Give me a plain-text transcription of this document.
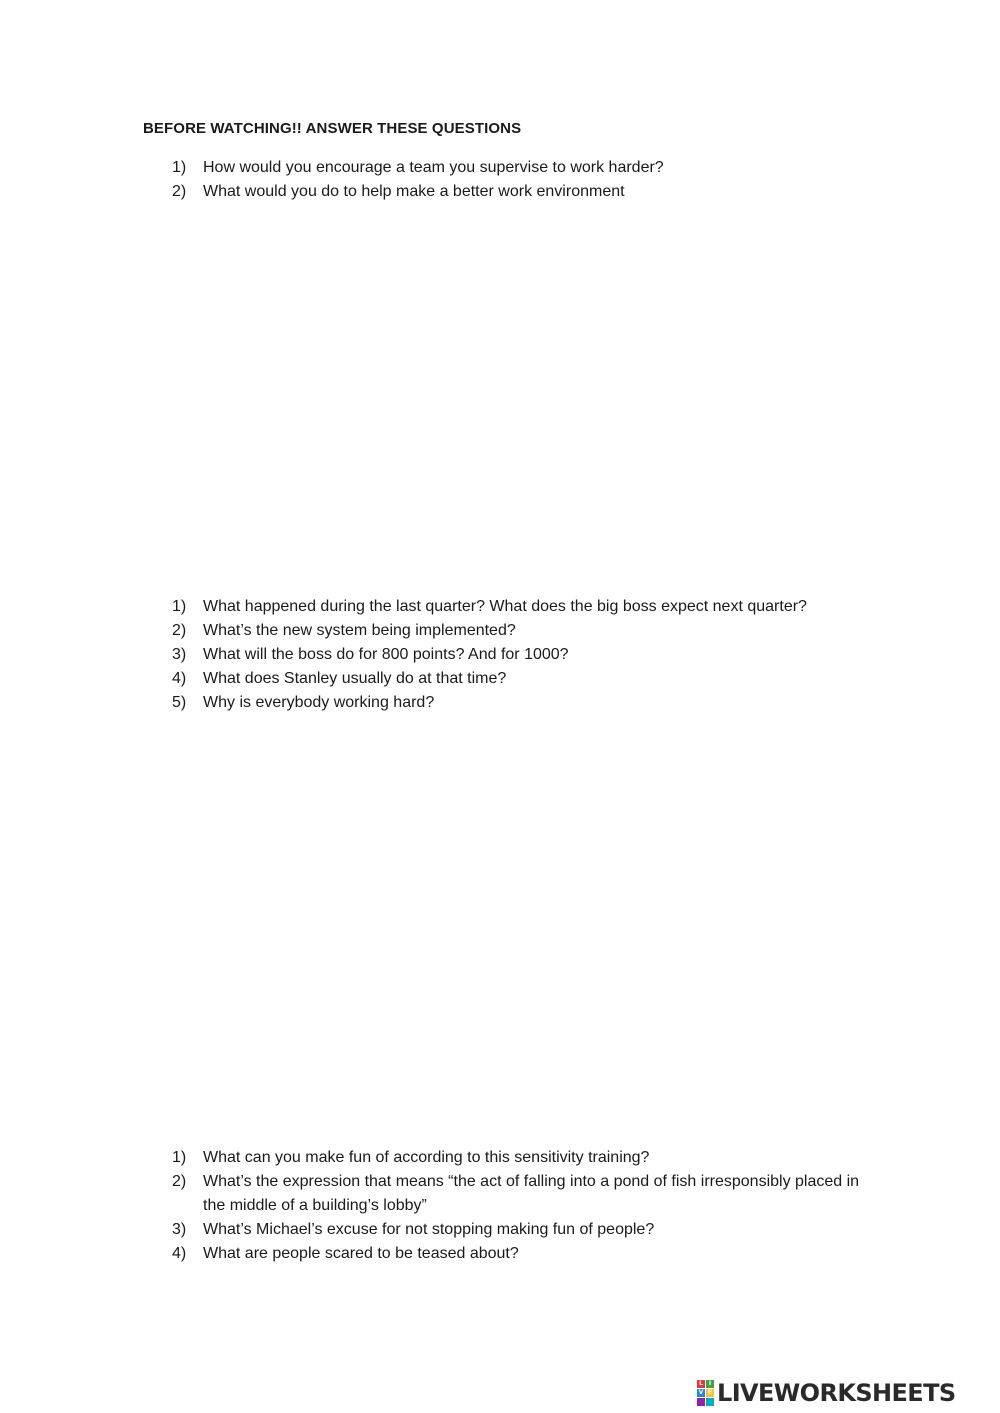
BEFORE WATCHING!! ANSWER THESE QUESTIONS
1)	How would you encourage a team you supervise to work harder?
2)	What would you do to help make a better work environment
1)	What happened during the last quarter? What does the big boss expect next quarter?
2)	What’s the new system being implemented?
3)	What will the boss do for 800 points? And for 1000?
4)	What does Stanley usually do at that time?
5)	Why is everybody working hard?
1)	What can you make fun of according to this sensitivity training?
2)	What’s the expression that means “the act of falling into a pond of fish irresponsibly placed in the middle of a building’s lobby”
3)	What’s Michael’s excuse for not stopping making fun of people?
4)	What are people scared to be teased about?
L I
V E LIVEWORKSHEETS
